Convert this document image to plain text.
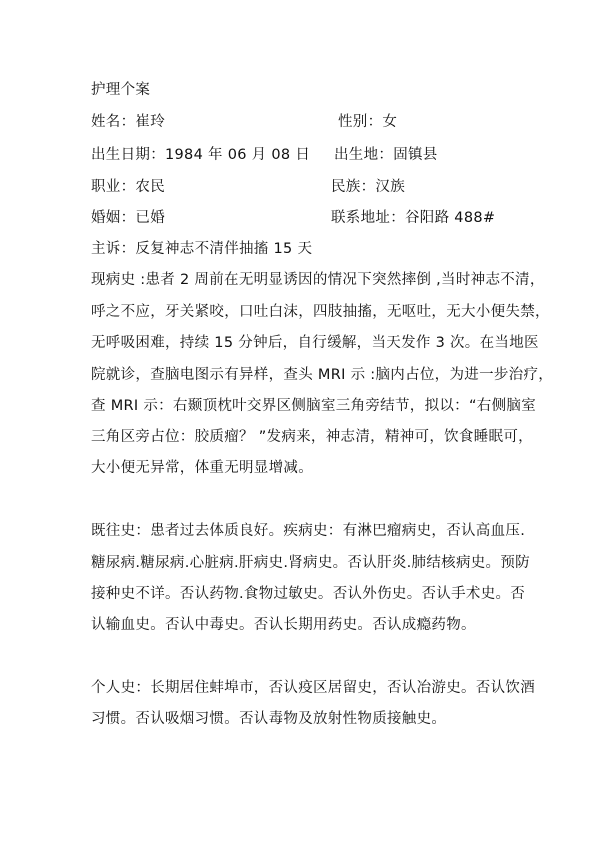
护理个案
姓名：崔玲	性别：女
出生日期：1984 年 06 月 08 日 出生地：固镇县
职业：农民	民族：汉族
婚姻：已婚	联系地址：谷阳路 488#
主诉：反复神志不清伴抽搐 15 天
现病史 :患者 2 周前在无明显诱因的情况下突然摔倒 ,当时神志不清，
呼之不应，牙关紧咬，口吐白沫，四肢抽搐，无呕吐，无大小便失禁，
无呼吸困难，持续 15 分钟后，自行缓解，当天发作 3 次。在当地医
院就诊，查脑电图示有异样，查头 MRI 示 :脑内占位，为进一步治疗，
查 MRI 示：右颞顶枕叶交界区侧脑室三角旁结节，拟以：“右侧脑室
三角区旁占位：胶质瘤？ ”发病来，神志清，精神可，饮食睡眠可，
大小便无异常，体重无明显增减。
既往史：患者过去体质良好。疾病史：有淋巴瘤病史，否认高血压.
糖尿病.糖尿病.心脏病.肝病史.肾病史。否认肝炎.肺结核病史。预防
接种史不详。否认药物.食物过敏史。否认外伤史。否认手术史。否
认输血史。否认中毒史。否认长期用药史。否认成瘾药物。
个人史：长期居住蚌埠市，否认疫区居留史，否认冶游史。否认饮酒
习惯。否认吸烟习惯。否认毒物及放射性物质接触史。
